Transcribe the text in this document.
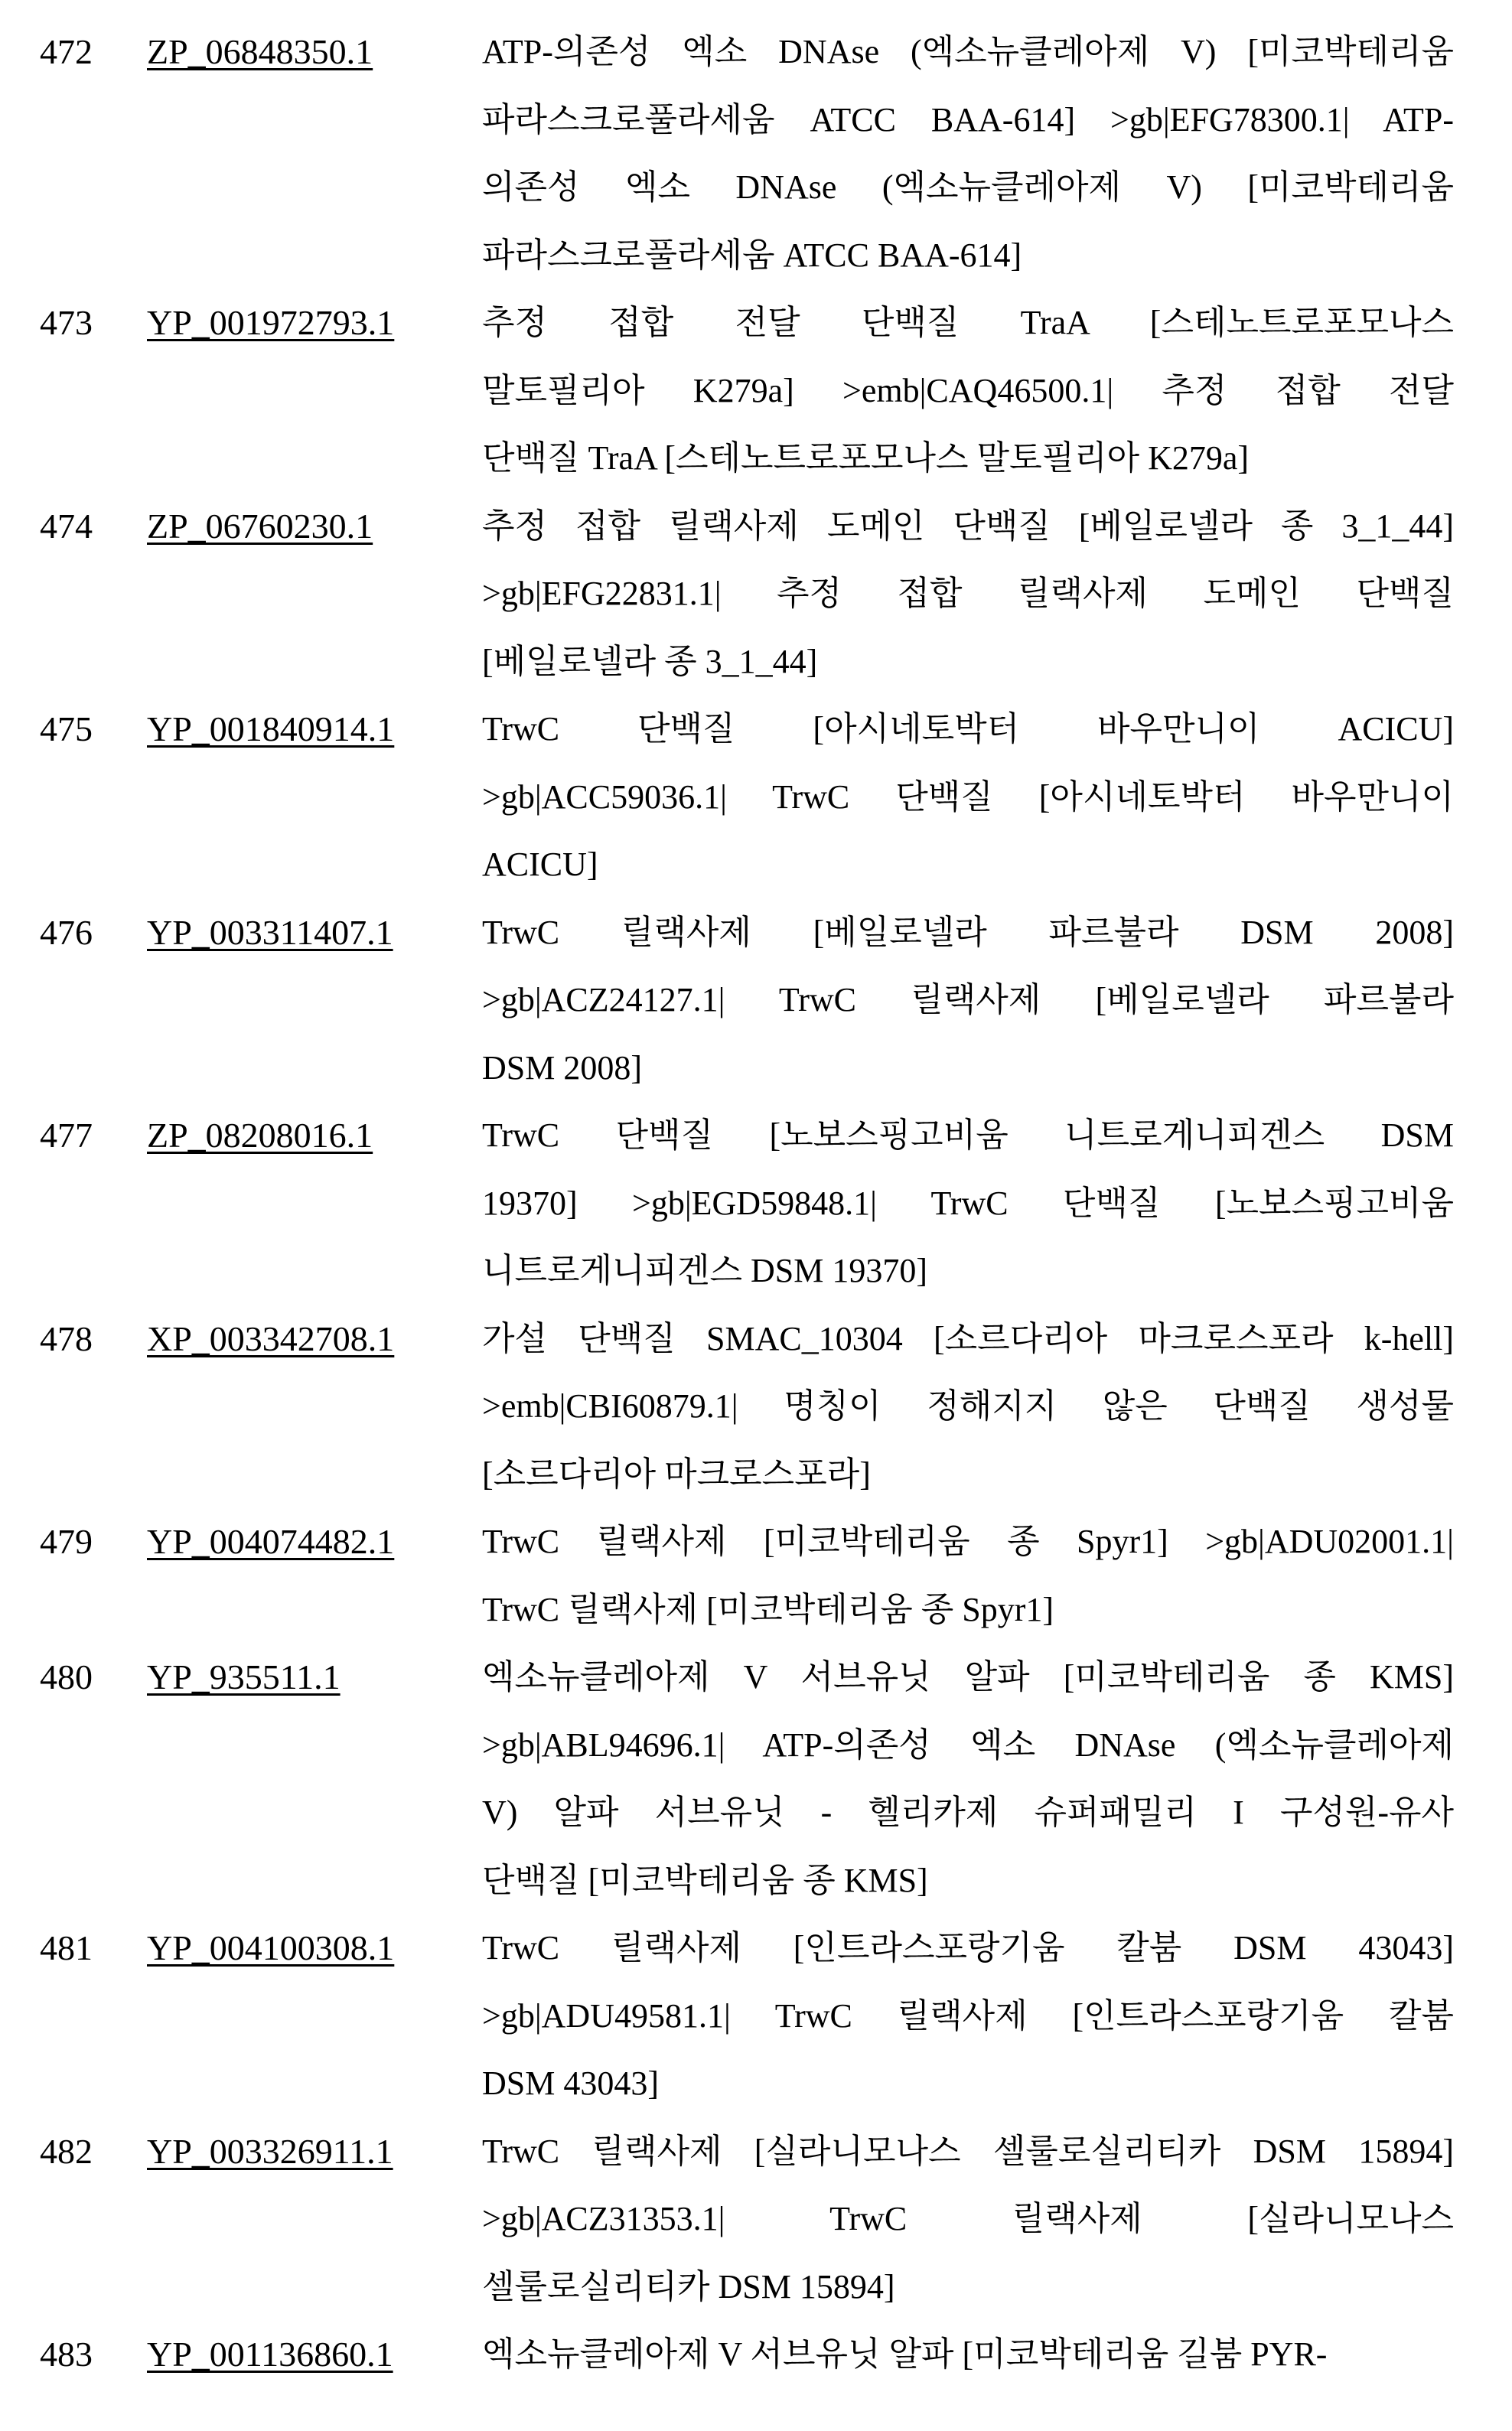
472	ZP_06848350.1	ATP-의존성 엑소 DNAse (엑소뉴클레아제 V) [미코박테리움
파라스크로풀라세움 ATCC BAA-614] >gb|EFG78300.1| ATP-
의존성 엑소 DNAse (엑소뉴클레아제 V) [미코박테리움
파라스크로풀라세움 ATCC BAA-614]
473	YP_001972793.1	추정 접합 전달 단백질 TraA [스테노트로포모나스
말토필리아 K279a] >emb|CAQ46500.1| 추정 접합 전달
단백질 TraA [스테노트로포모나스 말토필리아 K279a]
474	ZP_06760230.1	추정 접합 릴랙사제 도메인 단백질 [베일로넬라 종 3_1_44]
>gb|EFG22831.1| 추정 접합 릴랙사제 도메인 단백질
[베일로넬라 종 3_1_44]
475	YP_001840914.1	TrwC 단백질 [아시네토박터 바우만니이 ACICU]
>gb|ACC59036.1| TrwC 단백질 [아시네토박터 바우만니이
ACICU]
476	YP_003311407.1	TrwC 릴랙사제 [베일로넬라 파르불라 DSM 2008]
>gb|ACZ24127.1| TrwC 릴랙사제 [베일로넬라 파르불라
DSM 2008]
477	ZP_08208016.1	TrwC 단백질 [노보스핑고비움 니트로게니피겐스 DSM
19370] >gb|EGD59848.1| TrwC 단백질 [노보스핑고비움
니트로게니피겐스 DSM 19370]
478	XP_003342708.1	가설 단백질 SMAC_10304 [소르다리아 마크로스포라 k-hell]
>emb|CBI60879.1| 명칭이 정해지지 않은 단백질 생성물
[소르다리아 마크로스포라]
479	YP_004074482.1	TrwC 릴랙사제 [미코박테리움 종 Spyr1] >gb|ADU02001.1|
TrwC 릴랙사제 [미코박테리움 종 Spyr1]
480	YP_935511.1	엑소뉴클레아제 V 서브유닛 알파 [미코박테리움 종 KMS]
>gb|ABL94696.1| ATP-의존성 엑소 DNAse (엑소뉴클레아제
V) 알파 서브유닛 - 헬리카제 슈퍼패밀리 I 구성원-유사
단백질 [미코박테리움 종 KMS]
481	YP_004100308.1	TrwC 릴랙사제 [인트라스포랑기움 칼붐 DSM 43043]
>gb|ADU49581.1| TrwC 릴랙사제 [인트라스포랑기움 칼붐
DSM 43043]
482	YP_003326911.1	TrwC 릴랙사제 [실라니모나스 셀룰로실리티카 DSM 15894]
>gb|ACZ31353.1| TrwC 릴랙사제 [실라니모나스
셀룰로실리티카 DSM 15894]
483	YP_001136860.1	엑소뉴클레아제 V 서브유닛 알파 [미코박테리움 길붐 PYR-
